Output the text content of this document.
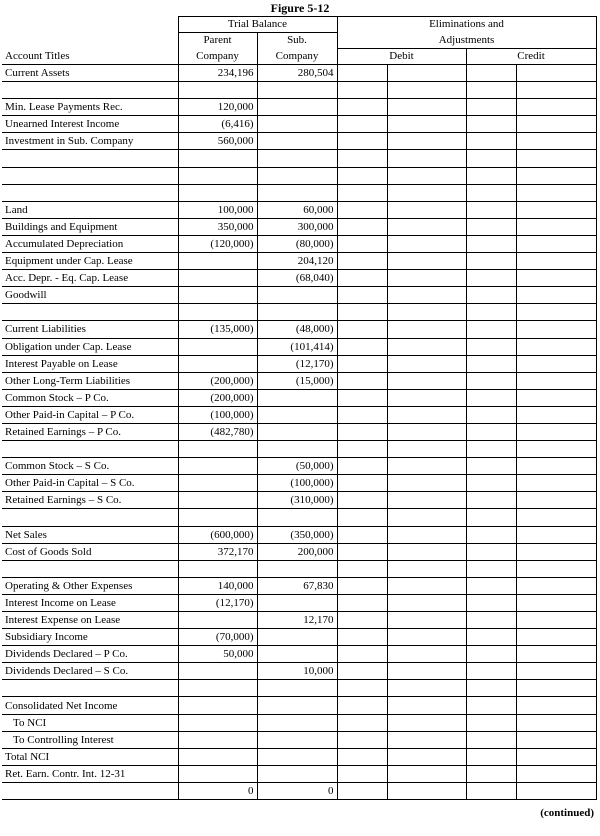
Figure 5-12
	Trial Balance		Eliminations and			
	Parent	Sub.	Adjustments			
Account Titles	Company	Company	Debit		Credit	
Current Assets	234,196	280,504				

Min. Lease Payments Rec.	120,000					
Unearned Interest Income	(6,416)					
Investment in Sub. Company	560,000					

Land	100,000	60,000				
Buildings and Equipment	350,000	300,000				
Accumulated Depreciation	(120,000)	(80,000)				
Equipment under Cap. Lease		204,120				
Acc. Depr. - Eq. Cap. Lease		(68,040)				
Goodwill						

Current Liabilities	(135,000)	(48,000)				
Obligation under Cap. Lease		(101,414)				
Interest Payable on Lease		(12,170)				
Other Long-Term Liabilities	(200,000)	(15,000)				
Common Stock – P Co.	(200,000)					
Other Paid-in Capital – P Co.	(100,000)					
Retained Earnings – P Co.	(482,780)					

Common Stock – S Co.		(50,000)				
Other Paid-in Capital – S Co.		(100,000)				
Retained Earnings – S Co.		(310,000)				

Net Sales	(600,000)	(350,000)				
Cost of Goods Sold	372,170	200,000				

Operating & Other Expenses	140,000	67,830				
Interest Income on Lease	(12,170)					
Interest Expense on Lease		12,170				
Subsidiary Income	(70,000)					
Dividends Declared – P Co.	50,000					
Dividends Declared – S Co.		10,000				

Consolidated Net Income						
To NCI						
To Controlling Interest						
Total NCI						
Ret. Earn. Contr. Int. 12-31						
	0	0				
(continued)
